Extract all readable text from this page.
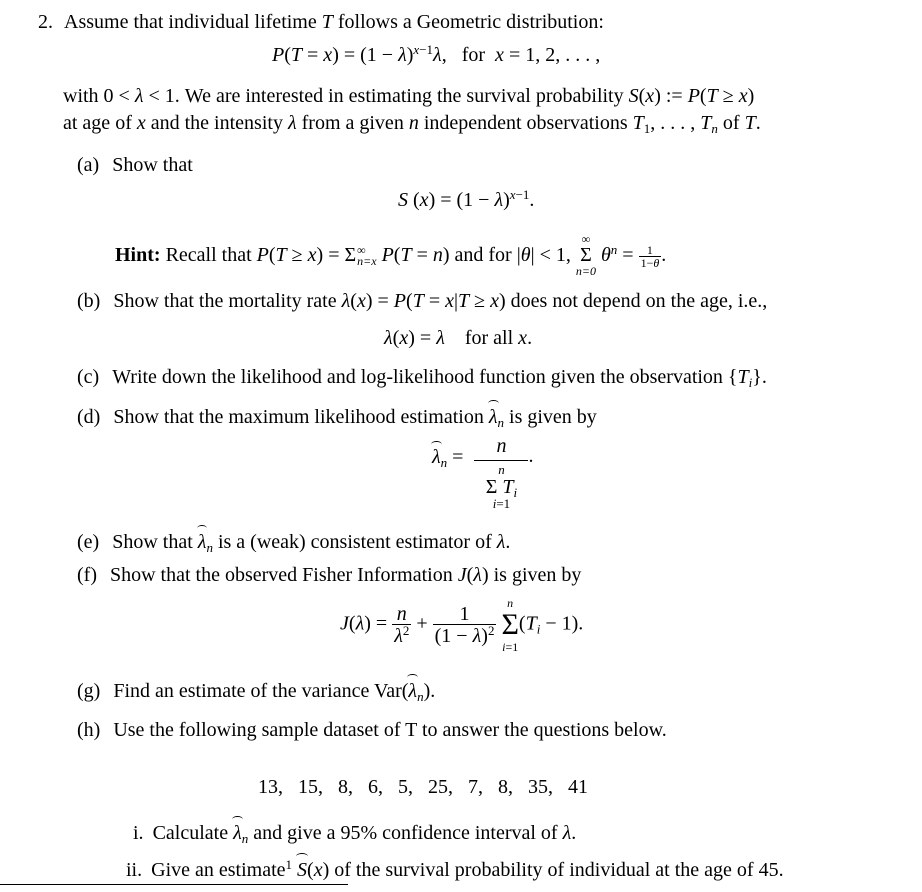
2. Assume that individual lifetime T follows a Geometric distribution:
$P(T = x) = (1 - \lambda)^{x-1}\lambda$,   for  x = 1, 2, . . . ,
with 0 < λ < 1. We are interested in estimating the survival probability S(x) := P(T ≥ x)
at age of x and the intensity λ from a given n independent observations $T_1$, . . . , $T_n$ of T.
(a) Show that
S $(x) = (1 - \lambda)^{x-1}$.
Hint: Recall that P(T ≥ x) = Σ ∞
n=x P(T = n) and for |θ| < 1,
∞
Σ
n=0
$\theta^n = \frac{1}{1-\theta}$ .
(b) Show that the mortality rate λ(x) = P(T = x|T ≥ x) does not depend on the age, i.e.,
λ(x) = λ    for all x.
(c) Write down the likelihood and log-likelihood function given the observation $\{T_i\}$.
(d) Show that the maximum likelihood estimation $\lambda_n$ is given by
$\lambda_n = n$
n
Σ $T_i$
i=1 .
(e) Show that $\lambda_n$ is a (weak) consistent estimator of λ.
(f) Show that the observed Fisher Information J(λ) is given by
$J(\lambda) = \frac{n}{\lambda^2} + \frac{1}{(1 - \lambda)^2}$

n
Σ
i=1
$(T_i - 1)$.
(g) Find an estimate of the variance $Var(\lambda_n)$.
(h) Use the following sample dataset of T to answer the questions below.
13,   15,   8,   6,   5,   25,   7,   8,   35,   41
i. Calculate $\lambda_n$ and give a 95% confidence interval of λ.
ii. Give an estimate$^1$ S(x) of the survival probability of individual at the age of 45.
